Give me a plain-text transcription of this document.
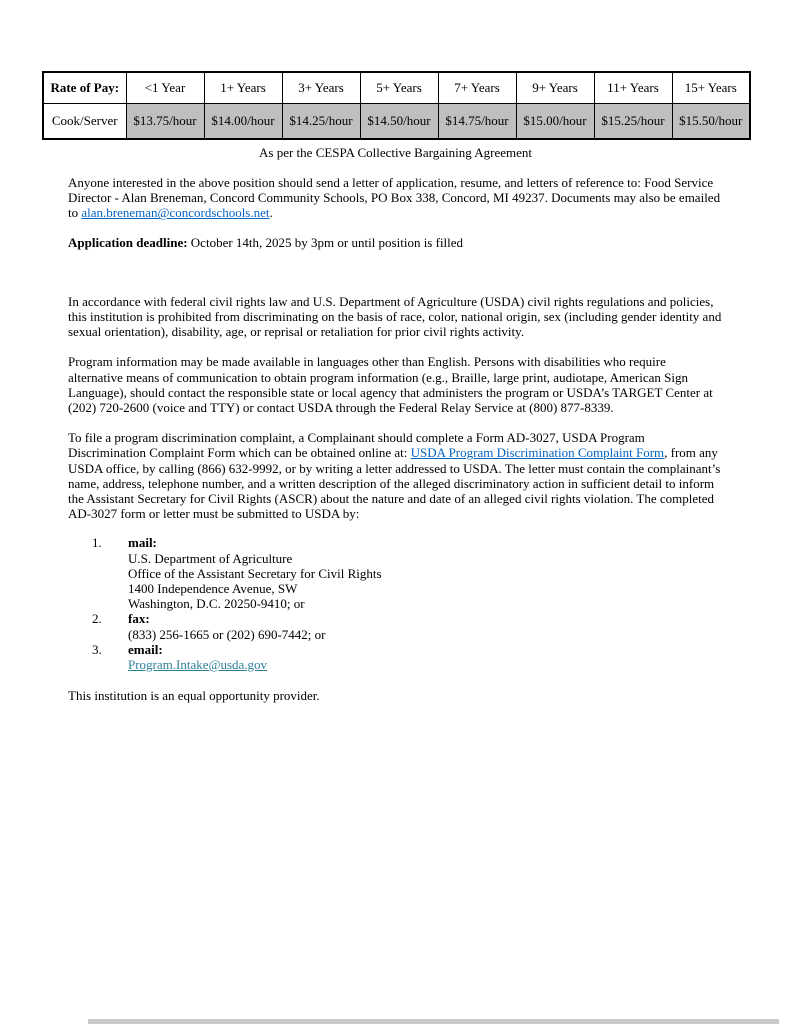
Rate of Pay:	<1 Year	1+ Years	3+ Years	5+ Years	7+ Years	9+ Years	11+ Years	15+ Years
Cook/Server	$13.75/hour	$14.00/hour	$14.25/hour	$14.50/hour	$14.75/hour	$15.00/hour	$15.25/hour	$15.50/hour
As per the CESPA Collective Bargaining Agreement

Anyone interested in the above position should send a letter of application, resume, and letters of reference to: Food Service Director - Alan Breneman, Concord Community Schools, PO Box 338, Concord, MI 49237. Documents may also be emailed to alan.breneman@concordschools.net.

Application deadline: October 14th, 2025 by 3pm or until position is filled

In accordance with federal civil rights law and U.S. Department of Agriculture (USDA) civil rights regulations and policies, this institution is prohibited from discriminating on the basis of race, color, national origin, sex (including gender identity and sexual orientation), disability, age, or reprisal or retaliation for prior civil rights activity.

Program information may be made available in languages other than English. Persons with disabilities who require alternative means of communication to obtain program information (e.g., Braille, large print, audiotape, American Sign Language), should contact the responsible state or local agency that administers the program or USDA’s TARGET Center at (202) 720-2600 (voice and TTY) or contact USDA through the Federal Relay Service at (800) 877-8339.

To file a program discrimination complaint, a Complainant should complete a Form AD-3027, USDA Program Discrimination Complaint Form which can be obtained online at: USDA Program Discrimination Complaint Form, from any USDA office, by calling (866) 632-9992, or by writing a letter addressed to USDA. The letter must contain the complainant’s name, address, telephone number, and a written description of the alleged discriminatory action in sufficient detail to inform the Assistant Secretary for Civil Rights (ASCR) about the nature and date of an alleged civil rights violation. The completed AD-3027 form or letter must be submitted to USDA by:

1.	mail:
U.S. Department of Agriculture
Office of the Assistant Secretary for Civil Rights
1400 Independence Avenue, SW
Washington, D.C. 20250-9410; or
2.	fax:
(833) 256-1665 or (202) 690-7442; or
3.	email:
Program.Intake@usda.gov

This institution is an equal opportunity provider.
